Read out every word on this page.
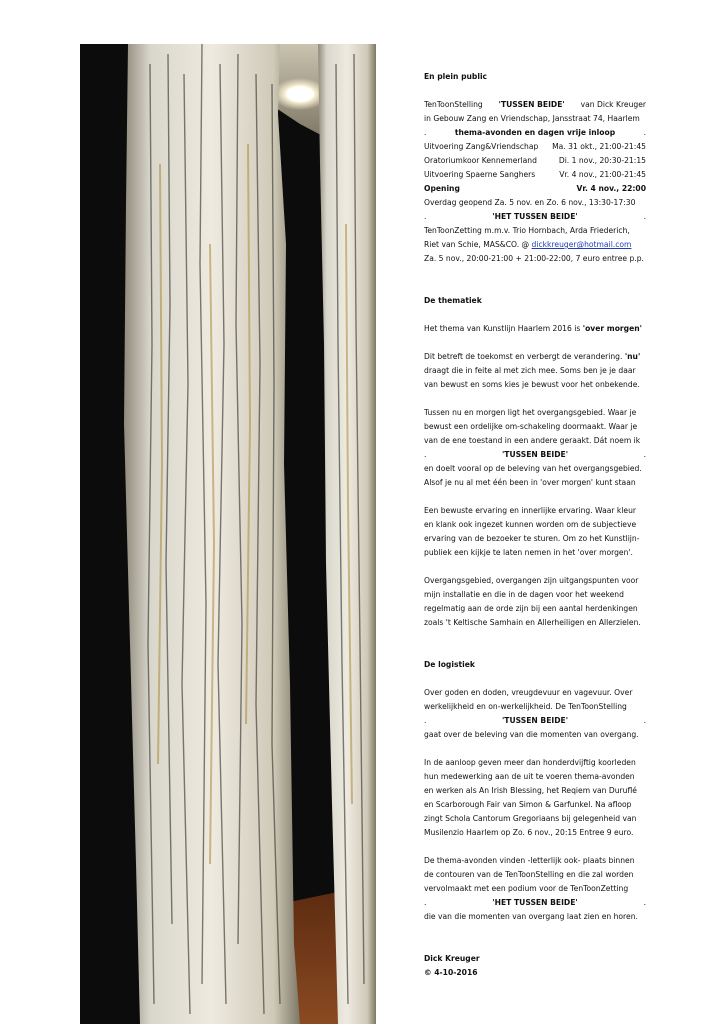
En plein public
TenToonStelling 'TUSSEN BEIDE' van Dick Kreuger
in Gebouw Zang en Vriendschap, Jansstraat 74, Haarlem
.	thema-avonden en dagen vrije inloop	.
Uitvoering Zang&Vriendschap Ma. 31 okt., 21:00-21:45
Oratoriumkoor Kennemerland	Di. 1 nov., 20:30-21:15
Uitvoering Spaerne Sanghers	Vr. 4 nov., 21:00-21:45
Opening	Vr. 4 nov., 22:00
Overdag geopend Za. 5 nov. en Zo. 6 nov., 13:30-17:30
.	'HET TUSSEN BEIDE'	.
TenToonZetting m.m.v. Trio Hornbach, Arda Friederich,
Riet van Schie, MAS&CO. @ dickkreuger@hotmail.com
Za. 5 nov., 20:00-21:00 + 21:00-22:00, 7 euro entree p.p.
De thematiek
Het thema van Kunstlijn Haarlem 2016 is 'over morgen'
Dit betreft de toekomst en verbergt de verandering. 'nu'
draagt die in feite al met zich mee. Soms ben je je daar
van bewust en soms kies je bewust voor het onbekende.
Tussen nu en morgen ligt het overgangsgebied. Waar je
bewust een ordelijke om-schakeling doormaakt. Waar je
van de ene toestand in een andere geraakt. Dát noem ik
.	'TUSSEN BEIDE'	.
en doelt vooral op de beleving van het overgangsgebied.
Alsof je nu al met één been in 'over morgen' kunt staan
Een bewuste ervaring en innerlijke ervaring. Waar kleur
en klank ook ingezet kunnen worden om de subjectieve
ervaring van de bezoeker te sturen. Om zo het Kunstlijn-
publiek een kijkje te laten nemen in het 'over morgen'.
Overgangsgebied, overgangen zijn uitgangspunten voor
mijn installatie en die in de dagen voor het weekend
regelmatig aan de orde zijn bij een aantal herdenkingen
zoals 't Keltische Samhain en Allerheiligen en Allerzielen.
De logistiek
Over goden en doden, vreugdevuur en vagevuur. Over
werkelijkheid en on-werkelijkheid. De TenToonStelling
.	'TUSSEN BEIDE'	.
gaat over de beleving van die momenten van overgang.
In de aanloop geven meer dan honderdvijftig koorleden
hun medewerking aan de uit te voeren thema-avonden
en werken als An Irish Blessing, het Reqiem van Duruflé
en Scarborough Fair van Simon & Garfunkel. Na afloop
zingt Schola Cantorum Gregoriaans bij gelegenheid van
Musilenzio Haarlem op Zo. 6 nov., 20:15 Entree 9 euro.
De thema-avonden vinden -letterlijk ook- plaats binnen
de contouren van de TenToonStelling en die zal worden
vervolmaakt met een podium voor de TenToonZetting
.	'HET TUSSEN BEIDE'	.
die van die momenten van overgang laat zien en horen.
Dick Kreuger
© 4-10-2016
